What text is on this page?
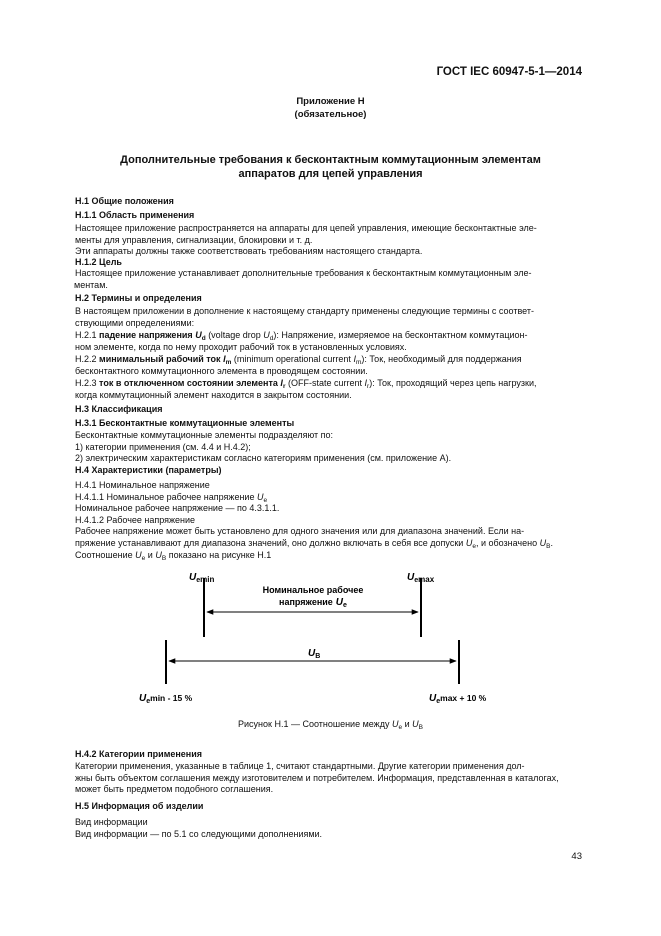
ГОСТ IEC 60947-5-1—2014
Приложение Н
(обязательное)
Дополнительные требования к бесконтактным коммутационным элементам
аппаратов для цепей управления
Н.1 Общие положения
Н.1.1 Область применения
Настоящее приложение распространяется на аппараты для цепей управления, имеющие бесконтактные эле-
менты для управления, сигнализации, блокировки и т. д.
Эти аппараты должны также соответствовать требованиям настоящего стандарта.
Н.1.2 Цель
Настоящее приложение устанавливает дополнительные требования к бесконтактным коммутационным эле-
ментам.
Н.2 Термины и определения
В настоящем приложении в дополнение к настоящему стандарту применены следующие термины с соответ-
ствующими определениями:
Н.2.1 падение напряжения $U_d$ (voltage drop $U_d$): Напряжение, измеряемое на бесконтактном коммутацион-
ном элементе, когда по нему проходит рабочий ток в установленных условиях.
Н.2.2 минимальный рабочий ток $I_m$ (minimum operational current $I_m$): Ток, необходимый для поддержания
бесконтактного коммутационного элемента в проводящем состоянии.
Н.2.3 ток в отключенном состоянии элемента $I_r$ (OFF-state current $I_r$): Ток, проходящий через цепь нагрузки,
когда коммутационный элемент находится в закрытом состоянии.
Н.3 Классификация
Н.3.1 Бесконтактные коммутационные элементы
Бесконтактные коммутационные элементы подразделяют по:
1) категории применения (см. 4.4 и Н.4.2);
2) электрическим характеристикам согласно категориям применения (см. приложение А).
Н.4 Характеристики (параметры)
Н.4.1 Номинальное напряжение
Н.4.1.1 Номинальное рабочее напряжение $U_e$
Номинальное рабочее напряжение — по 4.3.1.1.
Н.4.1.2 Рабочее напряжение
Рабочее напряжение может быть установлено для одного значения или для диапазона значений. Если на-
пряжение устанавливают для диапазона значений, оно должно включать в себя все допуски $U_e$, и обозначено $U_B$.
Соотношение $U_e$ и $U_B$ показано на рисунке Н.1
$U_e\min$	$U_e\max$
Номинальное рабочее
напряжение $U_e$
$U_B$
$U_e^{min - 15 \%}$	$U_e^{max + 10 \%}$
Рисунок Н.1 — Соотношение между $U_e$ и $U_B$
Н.4.2 Категории применения
Категории применения, указанные в таблице 1, считают стандартными. Другие категории применения дол-
жны быть объектом соглашения между изготовителем и потребителем. Информация, представленная в каталогах,
может быть предметом подобного соглашения.
Н.5 Информация об изделии
Вид информации
Вид информации — по 5.1 со следующими дополнениями.
43
